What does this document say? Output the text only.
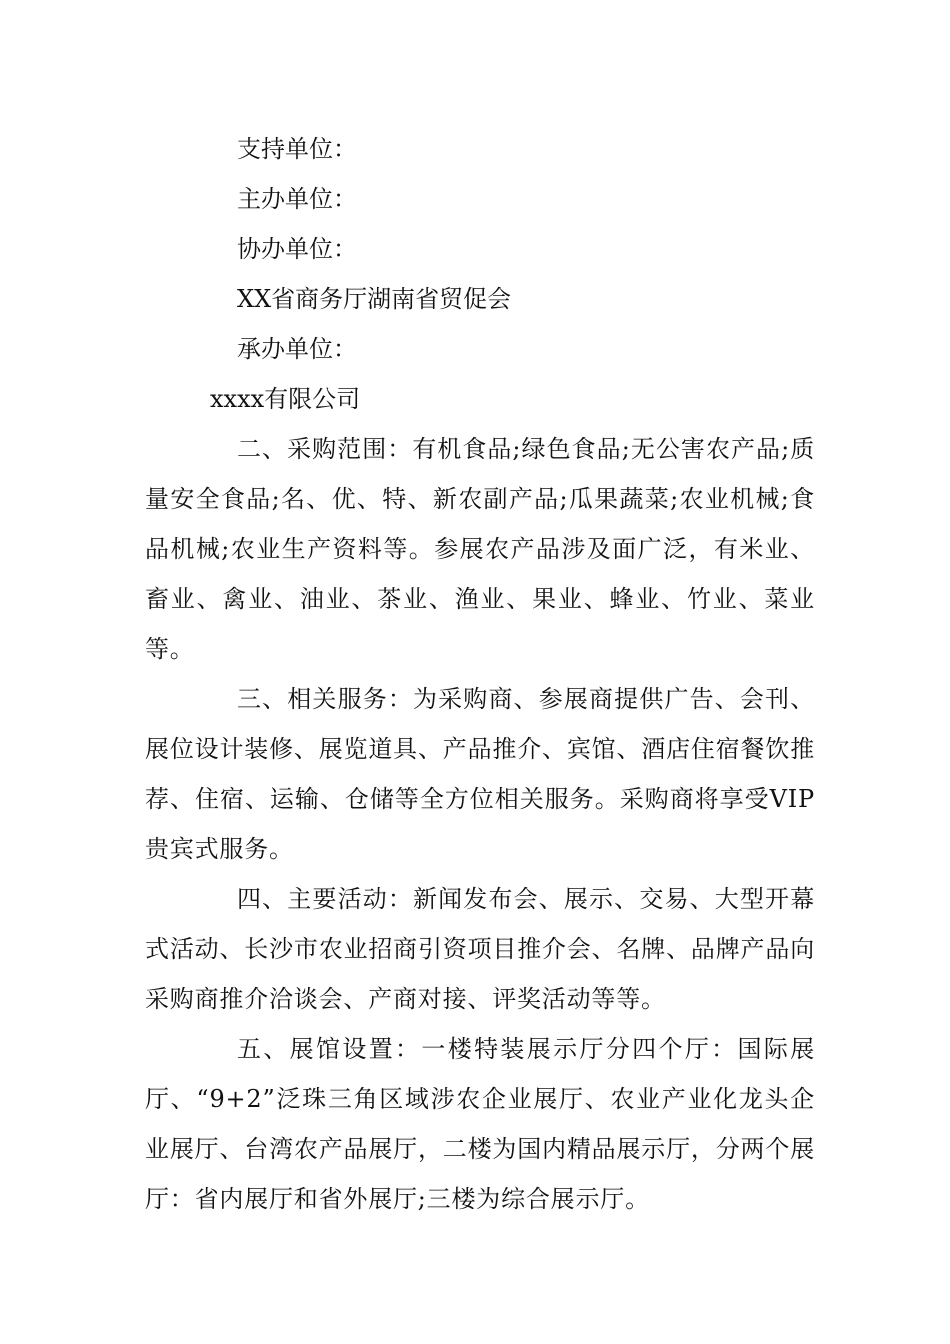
支持单位：
主办单位：
协办单位：
XX省商务厅湖南省贸促会
承办单位：
xxxx有限公司
二、采购范围：有机食品;绿色食品;无公害农产品;质量安全食品;名、优、特、新农副产品;瓜果蔬菜;农业机械;食品机械;农业生产资料等。参展农产品涉及面广泛，有米业、畜业、禽业、油业、茶业、渔业、果业、蜂业、竹业、菜业等。
三、相关服务：为采购商、参展商提供广告、会刊、展位设计装修、展览道具、产品推介、宾馆、酒店住宿餐饮推荐、住宿、运输、仓储等全方位相关服务。采购商将享受VIP贵宾式服务。
四、主要活动：新闻发布会、展示、交易、大型开幕式活动、长沙市农业招商引资项目推介会、名牌、品牌产品向采购商推介洽谈会、产商对接、评奖活动等等。
五、展馆设置：一楼特装展示厅分四个厅：国际展厅、“9+2”泛珠三角区域涉农企业展厅、农业产业化龙头企业展厅、台湾农产品展厅，二楼为国内精品展示厅，分两个展厅：省内展厅和省外展厅;三楼为综合展示厅。
